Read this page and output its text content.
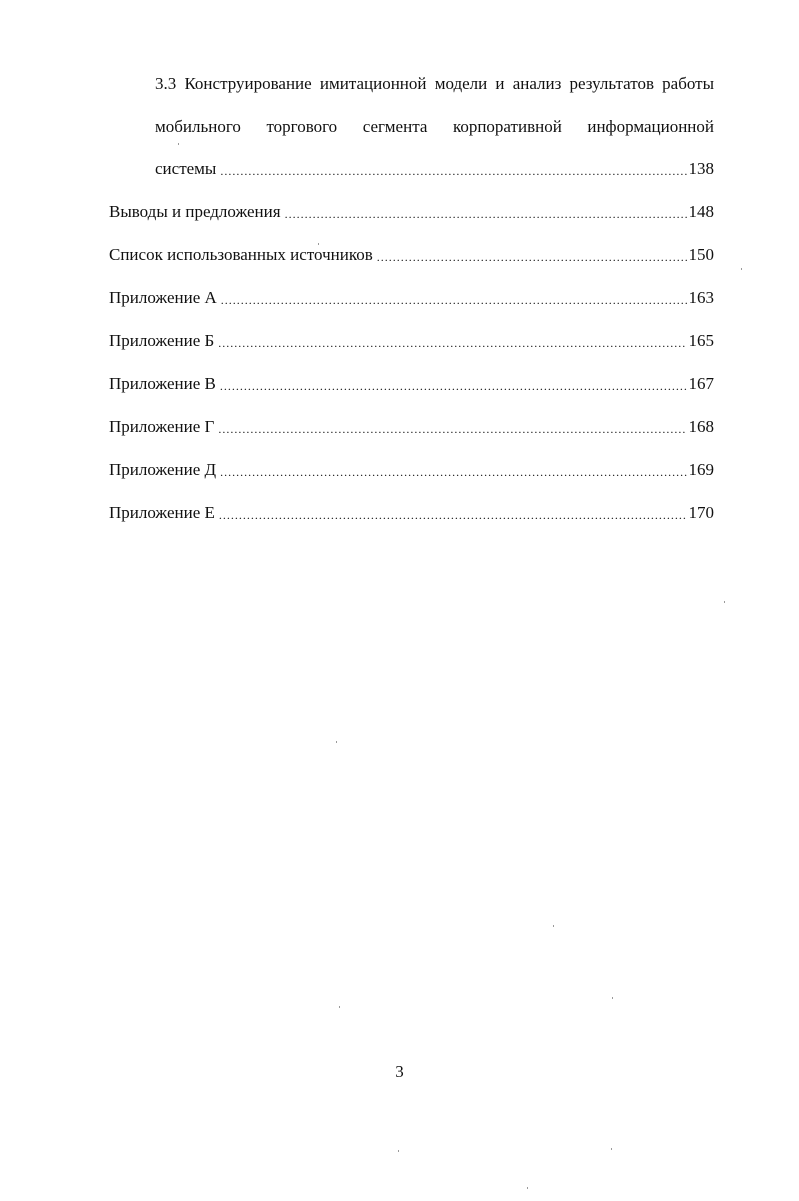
3.3 Конструирование имитационной модели и анализ результатов работы
мобильного торгового сегмента корпоративной информационной
системы .....	138
Выводы и предложения .....	148
Список использованных источников .....	150
Приложение А .....	163
Приложение Б .....	165
Приложение В .....	167
Приложение Г .....	168
Приложение Д .....	169
Приложение Е .....	170
3
